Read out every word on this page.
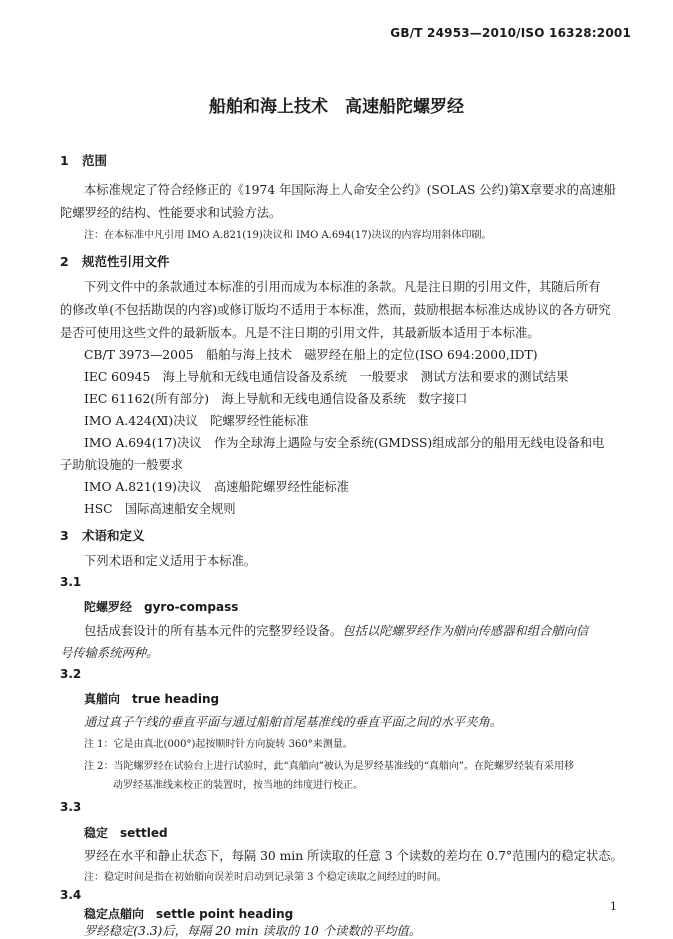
GB/T 24953—2010/ISO 16328:2001
船舶和海上技术　高速船陀螺罗经
1 范围
本标准规定了符合经修正的《1974 年国际海上人命安全公约》(SOLAS 公约)第Ⅹ章要求的高速船
陀螺罗经的结构、性能要求和试验方法。
注：在本标准中凡引用 IMO A.821(19)决议和 IMO A.694(17)决议的内容均用斜体印刷。
2 规范性引用文件
下列文件中的条款通过本标准的引用而成为本标准的条款。凡是注日期的引用文件，其随后所有
的修改单(不包括勘误的内容)或修订版均不适用于本标准，然而，鼓励根据本标准达成协议的各方研究
是否可使用这些文件的最新版本。凡是不注日期的引用文件，其最新版本适用于本标准。
CB/T 3973—2005　船舶与海上技术　磁罗经在船上的定位(ISO 694:2000,IDT)
IEC 60945　海上导航和无线电通信设备及系统　一般要求　测试方法和要求的测试结果
IEC 61162(所有部分)　海上导航和无线电通信设备及系统　数字接口
IMO A.424(Ⅺ)决议　陀螺罗经性能标准
IMO A.694(17)决议　作为全球海上遇险与安全系统(GMDSS)组成部分的船用无线电设备和电
子助航设施的一般要求
IMO A.821(19)决议　高速船陀螺罗经性能标准
HSC　国际高速船安全规则
3 术语和定义
下列术语和定义适用于本标准。
3.1
陀螺罗经　gyro-compass
包括成套设计的所有基本元件的完整罗经设备。包括以陀螺罗经作为艏向传感器和组合艏向信
号传输系统两种。
3.2
真艏向　true heading
通过真子午线的垂直平面与通过船舶首尾基准线的垂直平面之间的水平夹角。
注 1：它是由真北(000°)起按顺时针方向旋转 360°来测量。
注 2：当陀螺罗经在试验台上进行试验时，此“真艏向”被认为是罗经基准线的“真艏向”。在陀螺罗经装有采用移
动罗经基准线来校正的装置时，按当地的纬度进行校正。
3.3
稳定　settled
罗经在水平和静止状态下，每隔 30 min 所读取的任意 3 个读数的差均在 0.7°范围内的稳定状态。
注：稳定时间是指在初始艏向误差时启动到记录第 3 个稳定读取之间经过的时间。
3.4
稳定点艏向　settle point heading
罗经稳定(3.3)后，每隔 20 min 读取的 10 个读数的平均值。
1
